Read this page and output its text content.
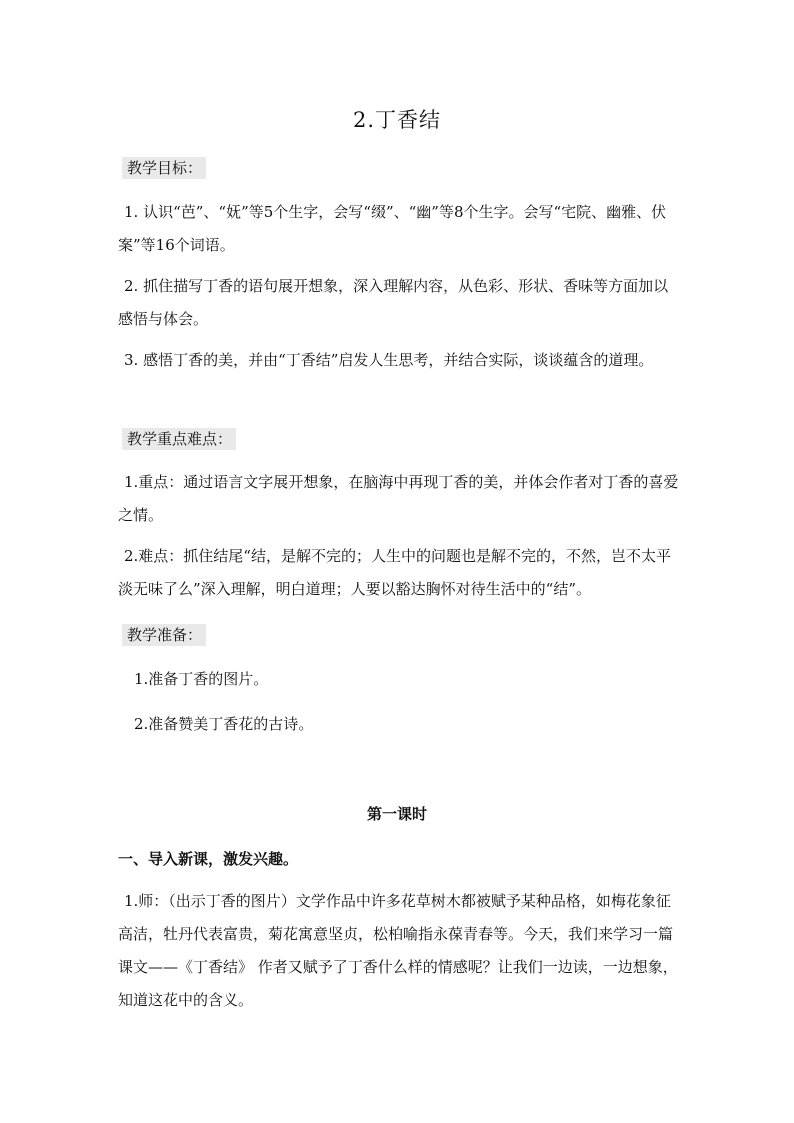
2.丁香结
教学目标：

1. 认识“芭”、“妩”等5个生字，会写“缀”、“幽”等8个生字。会写“宅院、幽雅、伏案”等16个词语。

2. 抓住描写丁香的语句展开想象，深入理解内容，从色彩、形状、香味等方面加以感悟与体会。

3. 感悟丁香的美，并由“丁香结”启发人生思考，并结合实际，谈谈蕴含的道理。

教学重点难点：

1.重点：通过语言文字展开想象，在脑海中再现丁香的美，并体会作者对丁香的喜爱之情。

2.难点：抓住结尾“结，是解不完的；人生中的问题也是解不完的，不然，岂不太平淡无味了么”深入理解，明白道理；人要以豁达胸怀对待生活中的“结”。

教学准备：
1.准备丁香的图片。
2.准备赞美丁香花的古诗。
第一课时
一、导入新课，激发兴趣。

1.师：（出示丁香的图片）文学作品中许多花草树木都被赋予某种品格，如梅花象征高洁，牡丹代表富贵，菊花寓意坚贞，松柏喻指永葆青春等。今天，我们来学习一篇课文——《丁香结》 作者又赋予了丁香什么样的情感呢？让我们一边读，一边想象，知道这花中的含义。
